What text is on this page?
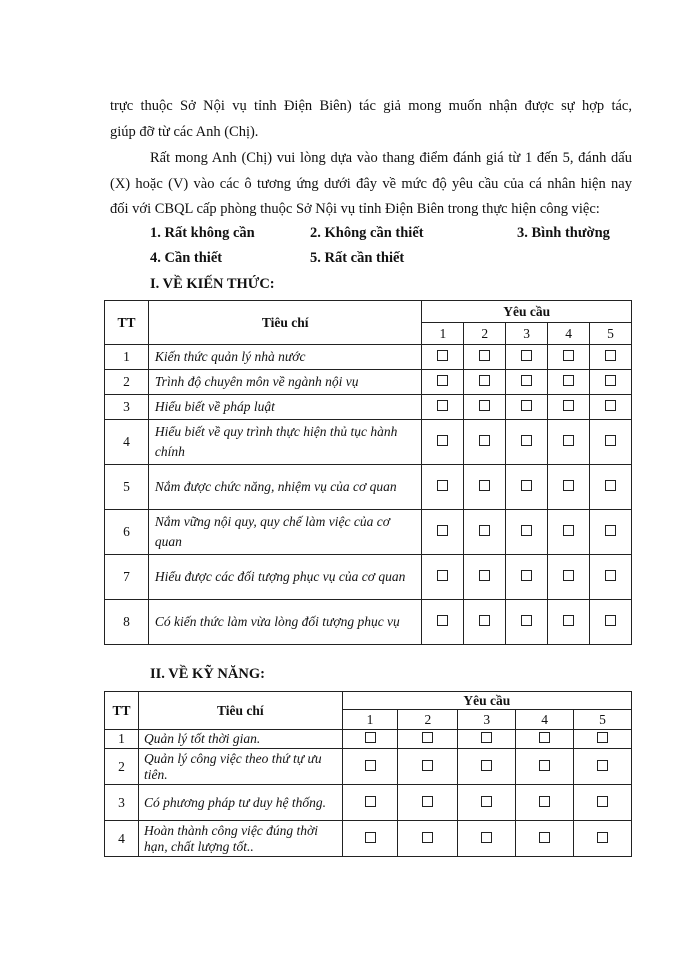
trực thuộc Sở Nội vụ tỉnh Điện Biên) tác giả mong muốn nhận được sự hợp tác,
giúp đỡ từ các Anh (Chị).
Rất mong Anh (Chị) vui lòng dựa vào thang điểm đánh giá từ 1 đến 5, đánh dấu
(X) hoặc (V) vào các ô tương ứng dưới đây về mức độ yêu cầu của cá nhân hiện nay
đối với CBQL cấp phòng thuộc Sở Nội vụ tỉnh Điện Biên trong thực hiện công việc:
1. Rất không cần	2. Không cần thiết	3. Bình thường
4. Cần thiết	5. Rất cần thiết
I. VỀ KIẾN THỨC:
TT	Tiêu chí	Yêu cầu				
		1	2	3	4	5
1	Kiến thức quản lý nhà nước					
2	Trình độ chuyên môn về ngành nội vụ					
3	Hiểu biết về pháp luật					
4	Hiểu biết về quy trình thực hiện thủ tục hành chính					
5	Nắm được chức năng, nhiệm vụ của cơ quan					
6	Nắm vững nội quy, quy chế làm việc của cơ quan					
7	Hiểu được các đối tượng phục vụ của cơ quan					
8	Có kiến thức làm vừa lòng đối tượng phục vụ					
II. VỀ KỸ NĂNG:
TT	Tiêu chí	Yêu cầu				
		1	2	3	4	5
1	Quản lý tốt thời gian.					
2	Quản lý công việc theo thứ tự ưu tiên.					
3	Có phương pháp tư duy hệ thống.					
4	Hoàn thành công việc đúng thời hạn, chất lượng tốt..					
